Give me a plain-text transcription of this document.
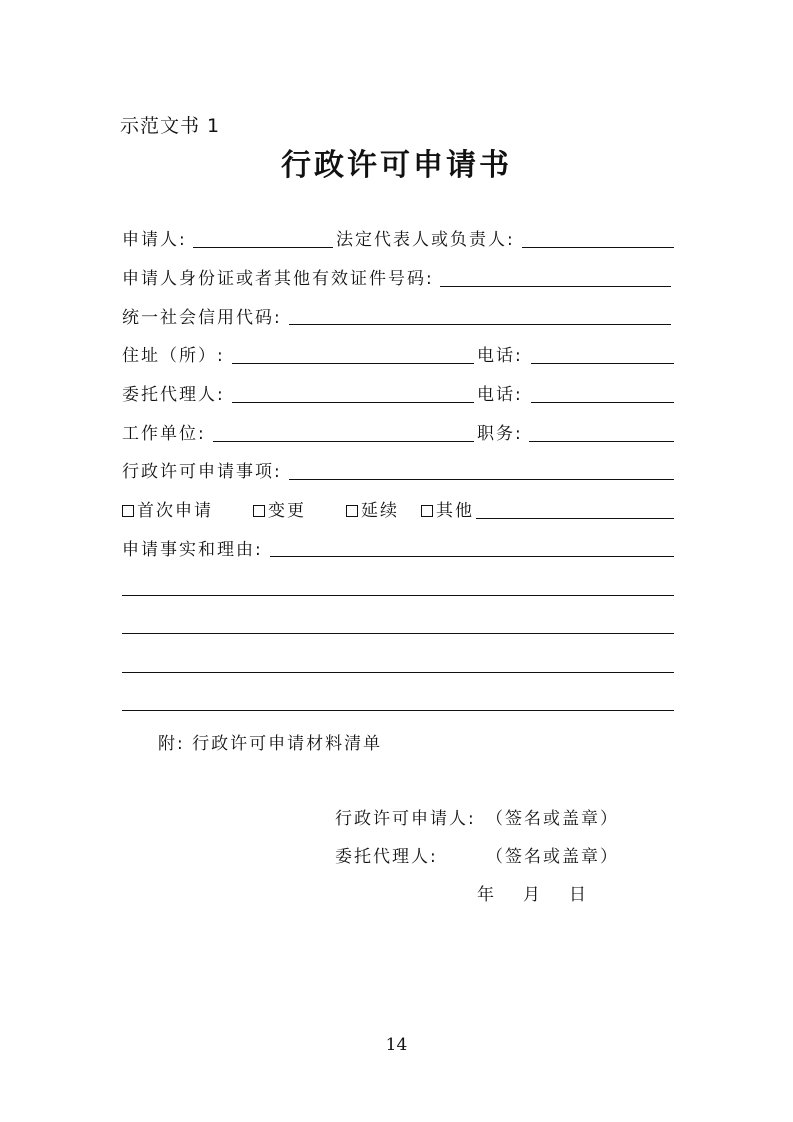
示范文书 1
行政许可申请书
申请人:	法定代表人或负责人:
申请人身份证或者其他有效证件号码:
统一社会信用代码:
住址（所）:	电话:
委托代理人:	电话:
工作单位:	职务:
行政许可申请事项:
首次申请	变更	延续	其他
申请事实和理由:
附: 行政许可申请材料清单
行政许可申请人: （签名或盖章）
委托代理人:	（签名或盖章）
年 月 日
14
